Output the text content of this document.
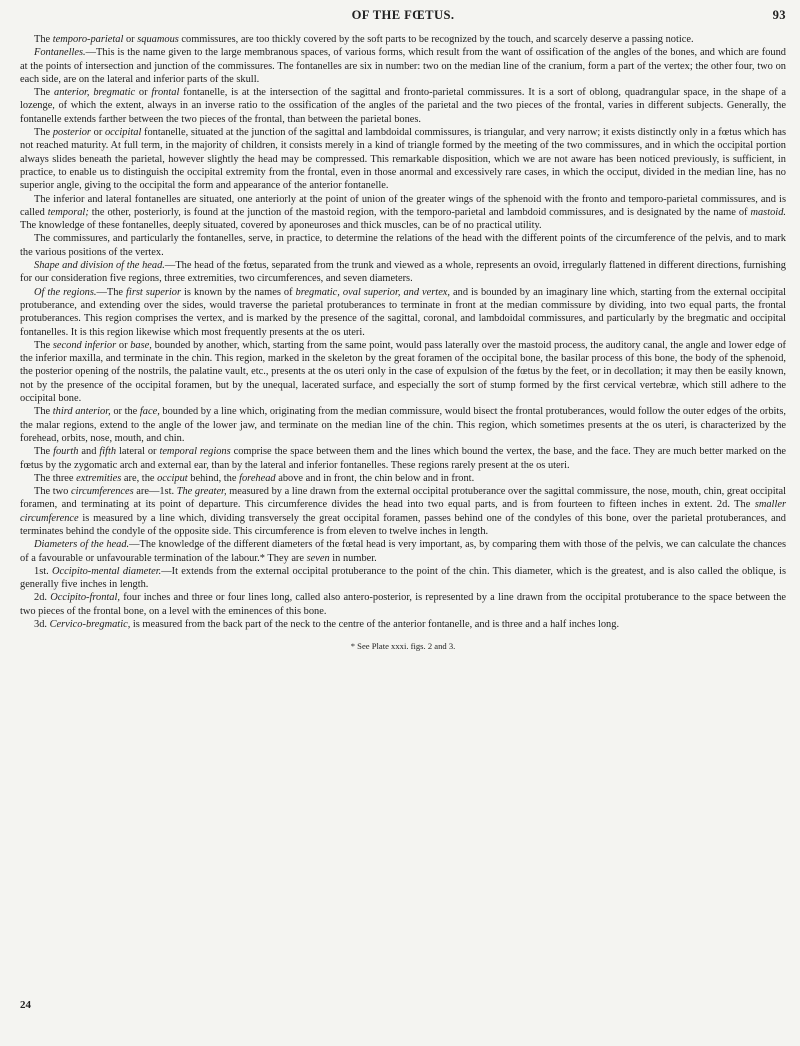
OF THE FŒTUS.	93

The temporo-parietal or squamous commissures, are too thickly covered by the soft parts to be recognized by the touch, and scarcely deserve a passing notice.

Fontanelles.—This is the name given to the large membranous spaces, of various forms, which result from the want of ossification of the angles of the bones, and which are found at the points of intersection and junction of the commissures. The fontanelles are six in number: two on the median line of the cranium, form a part of the vertex; the other four, two on each side, are on the lateral and inferior parts of the skull.

The anterior, bregmatic or frontal fontanelle, is at the intersection of the sagittal and fronto-parietal commissures. It is a sort of oblong, quadrangular space, in the shape of a lozenge, of which the extent, always in an inverse ratio to the ossification of the angles of the parietal and the two pieces of the frontal, varies in different subjects. Generally, the fontanelle extends farther between the two pieces of the frontal, than between the parietal bones.

The posterior or occipital fontanelle, situated at the junction of the sagittal and lambdoidal commissures, is triangular, and very narrow; it exists distinctly only in a fœtus which has not reached maturity. At full term, in the majority of children, it consists merely in a kind of triangle formed by the meeting of the two commissures, and in which the occipital portion always slides beneath the parietal, however slightly the head may be compressed. This remarkable disposition, which we are not aware has been noticed previously, is sufficient, in practice, to enable us to distinguish the occipital extremity from the frontal, even in those anormal and excessively rare cases, in which the occiput, divided in the median line, has no superior angle, giving to the occipital the form and appearance of the anterior fontanelle.

The inferior and lateral fontanelles are situated, one anteriorly at the point of union of the greater wings of the sphenoid with the fronto and temporo-parietal commissures, and is called temporal; the other, posteriorly, is found at the junction of the mastoid region, with the temporo-parietal and lambdoid commissures, and is designated by the name of mastoid. The knowledge of these fontanelles, deeply situated, covered by aponeuroses and thick muscles, can be of no practical utility.

The commissures, and particularly the fontanelles, serve, in practice, to determine the relations of the head with the different points of the circumference of the pelvis, and to mark the various positions of the vertex.

Shape and division of the head.—The head of the fœtus, separated from the trunk and viewed as a whole, represents an ovoid, irregularly flattened in different directions, furnishing for our consideration five regions, three extremities, two circumferences, and seven diameters.

Of the regions.—The first superior is known by the names of bregmatic, oval superior, and vertex, and is bounded by an imaginary line which, starting from the external occipital protuberance, and extending over the sides, would traverse the parietal protuberances to terminate in front at the median commissure by dividing, into two equal parts, the frontal protuberances. This region comprises the vertex, and is marked by the presence of the sagittal, coronal, and lambdoidal commissures, and particularly by the bregmatic and occipital fontanelles. It is this region likewise which most frequently presents at the os uteri.

The second inferior or base, bounded by another, which, starting from the same point, would pass laterally over the mastoid process, the auditory canal, the angle and lower edge of the inferior maxilla, and terminate in the chin. This region, marked in the skeleton by the great foramen of the occipital bone, the basilar process of this bone, the body of the sphenoid, the posterior opening of the nostrils, the palatine vault, etc., presents at the os uteri only in the case of expulsion of the fœtus by the feet, or in decollation; it may then be easily known, not by the presence of the occipital foramen, but by the unequal, lacerated surface, and especially the sort of stump formed by the first cervical vertebræ, which still adhere to the occipital bone.

The third anterior, or the face, bounded by a line which, originating from the median commissure, would bisect the frontal protuberances, would follow the outer edges of the orbits, the malar regions, extend to the angle of the lower jaw, and terminate on the median line of the chin. This region, which sometimes presents at the os uteri, is characterized by the forehead, orbits, nose, mouth, and chin.

The fourth and fifth lateral or temporal regions comprise the space between them and the lines which bound the vertex, the base, and the face. They are much better marked on the fœtus by the zygomatic arch and external ear, than by the lateral and inferior fontanelles. These regions rarely present at the os uteri.

The three extremities are, the occiput behind, the forehead above and in front, the chin below and in front.

The two circumferences are—1st. The greater, measured by a line drawn from the external occipital protuberance over the sagittal commissure, the nose, mouth, chin, great occipital foramen, and terminating at its point of departure. This circumference divides the head into two equal parts, and is from fourteen to fifteen inches in extent. 2d. The smaller circumference is measured by a line which, dividing transversely the great occipital foramen, passes behind one of the condyles of this bone, over the parietal protuberances, and terminates behind the condyle of the opposite side. This circumference is from eleven to twelve inches in length.

Diameters of the head.—The knowledge of the different diameters of the fœtal head is very important, as, by comparing them with those of the pelvis, we can calculate the chances of a favourable or unfavourable termination of the labour.* They are seven in number.

1st. Occipito-mental diameter.—It extends from the external occipital protuberance to the point of the chin. This diameter, which is the greatest, and is also called the oblique, is generally five inches in length.

2d. Occipito-frontal, four inches and three or four lines long, called also antero-posterior, is represented by a line drawn from the occipital protuberance to the space between the two pieces of the frontal bone, on a level with the eminences of this bone.

3d. Cervico-bregmatic, is measured from the back part of the neck to the centre of the anterior fontanelle, and is three and a half inches long.

* See Plate xxxi. figs. 2 and 3.
24
